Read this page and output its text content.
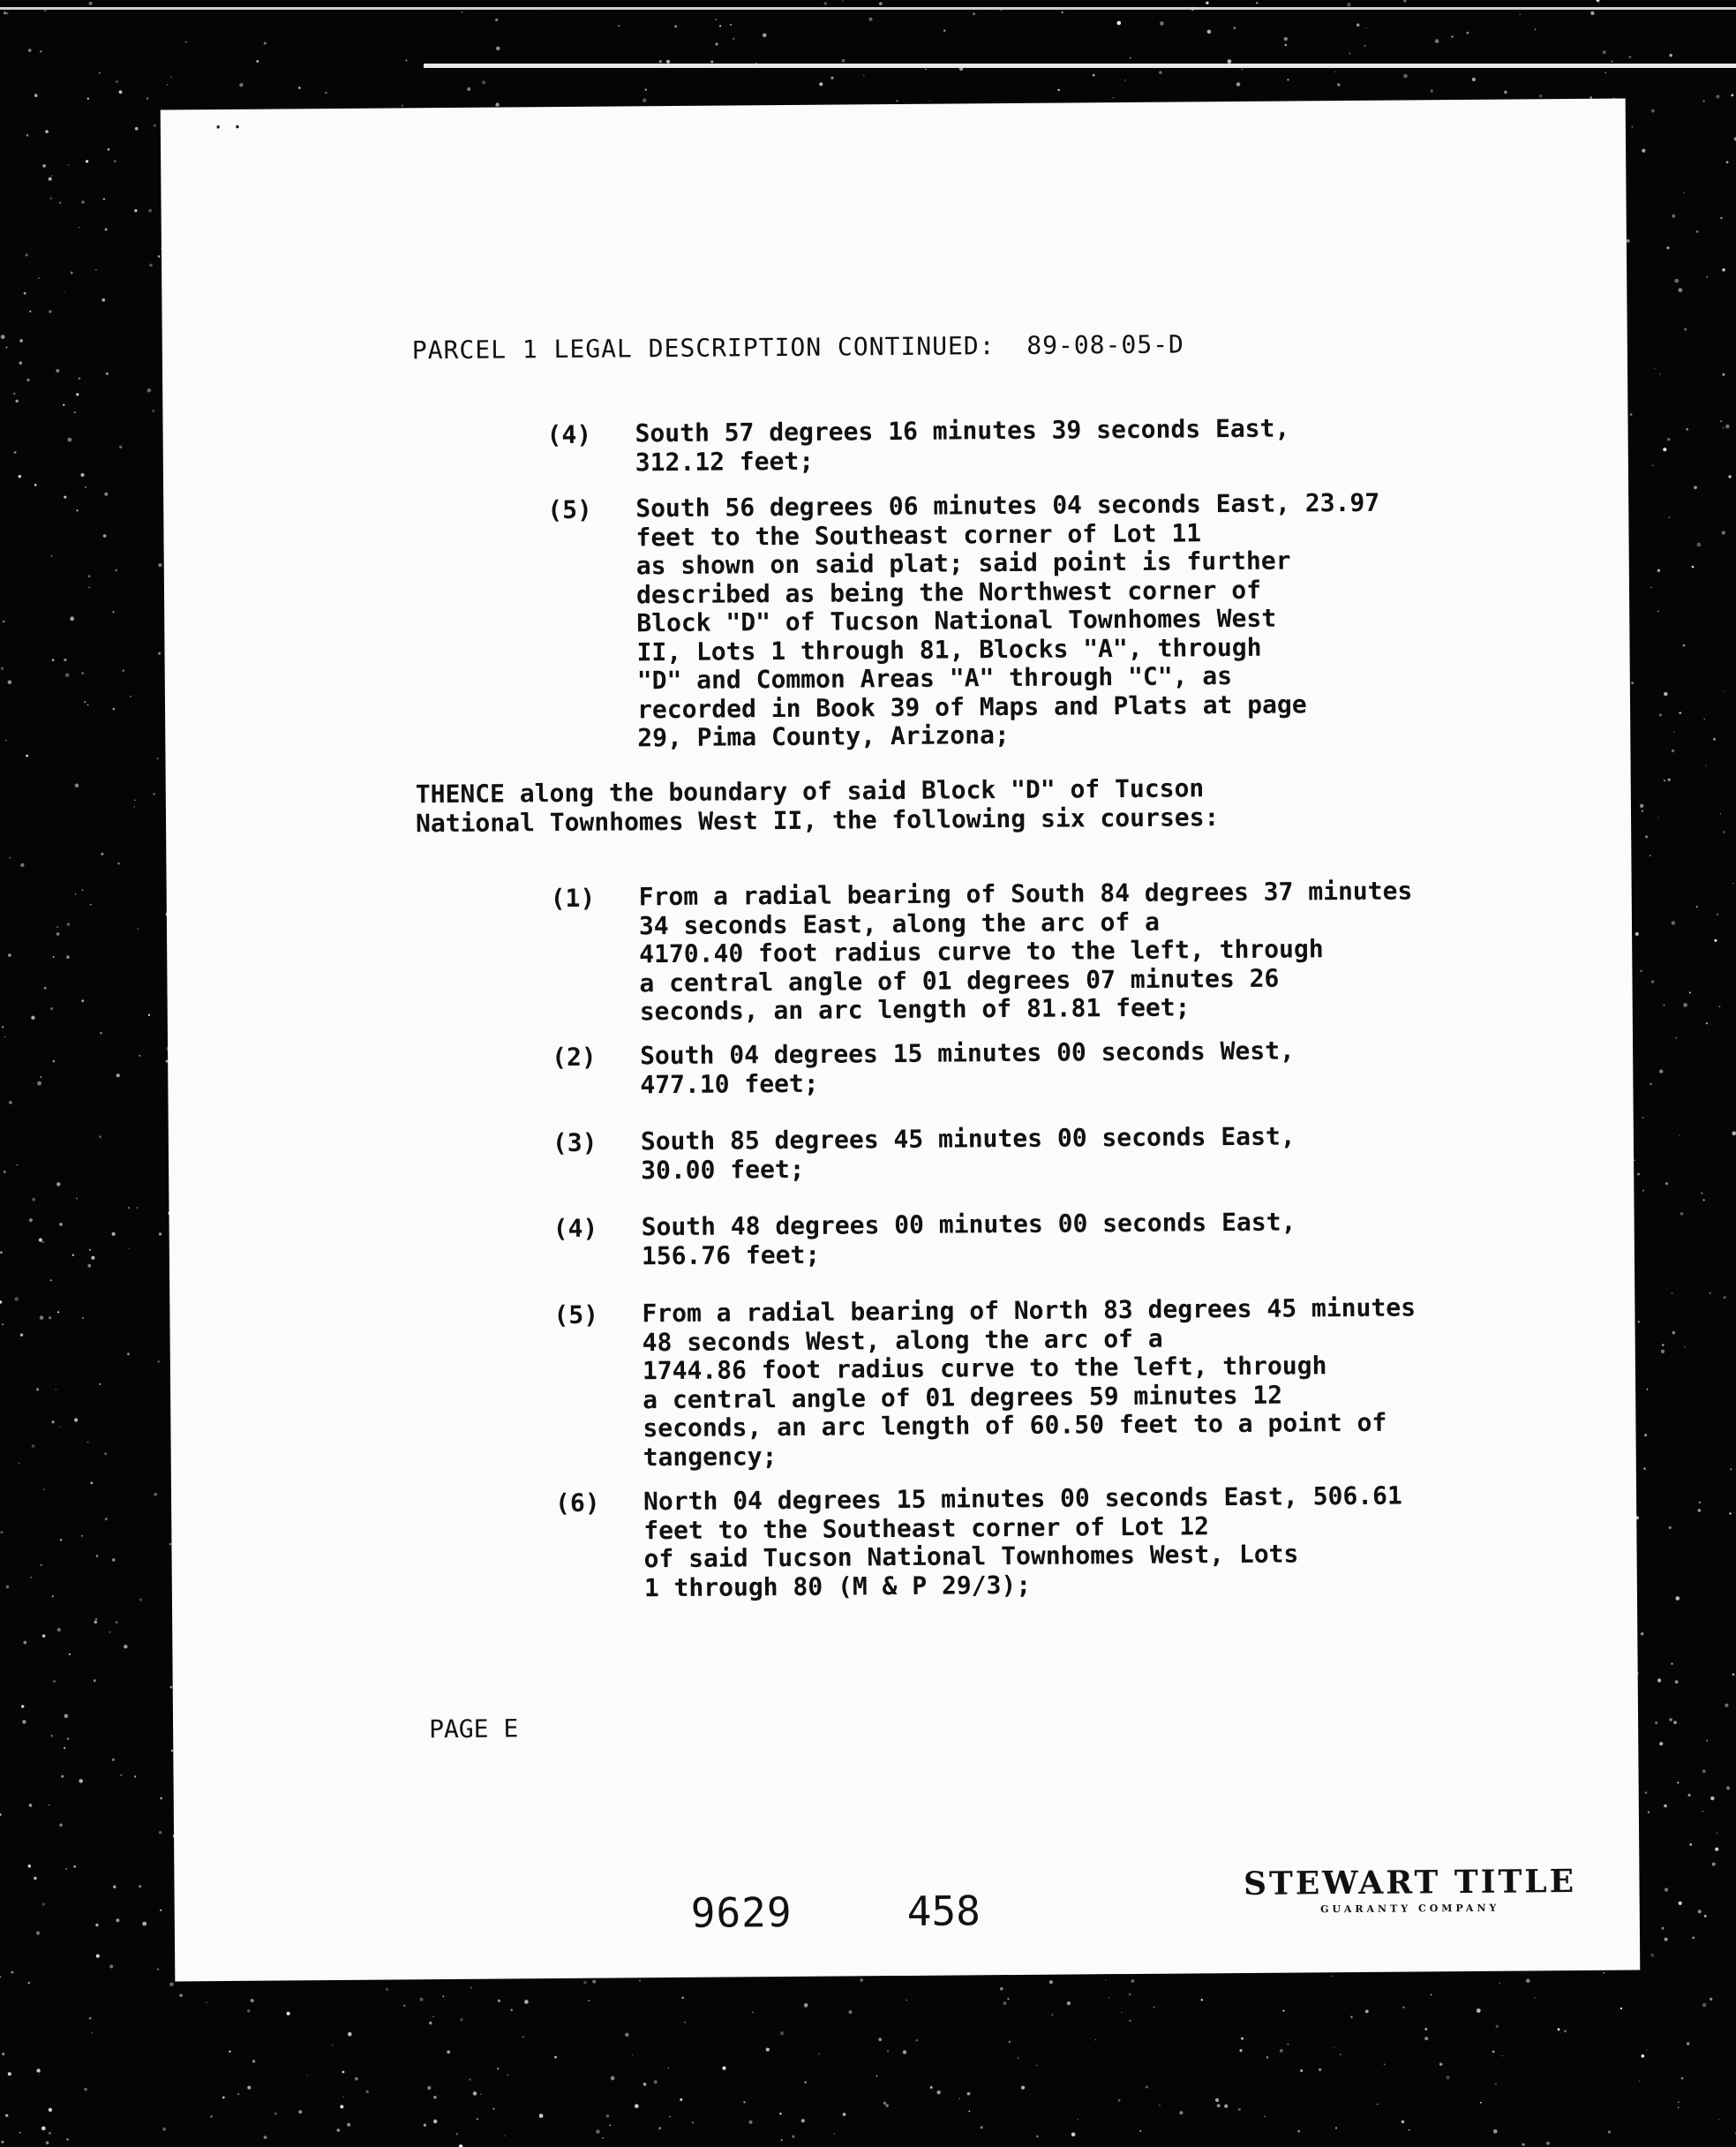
· ·
PARCEL 1 LEGAL DESCRIPTION CONTINUED:  89-08-05-D
(4)	South 57 degrees 16 minutes 39 seconds East,
312.12 feet;
(5)	South 56 degrees 06 minutes 04 seconds East, 23.97
feet to the Southeast corner of Lot 11
as shown on said plat; said point is further
described as being the Northwest corner of
Block "D" of Tucson National Townhomes West
II, Lots 1 through 81, Blocks "A", through
"D" and Common Areas "A" through "C", as
recorded in Book 39 of Maps and Plats at page
29, Pima County, Arizona;
THENCE along the boundary of said Block "D" of Tucson
National Townhomes West II, the following six courses:
(1)	From a radial bearing of South 84 degrees 37 minutes
34 seconds East, along the arc of a
4170.40 foot radius curve to the left, through
a central angle of 01 degrees 07 minutes 26
seconds, an arc length of 81.81 feet;
(2)	South 04 degrees 15 minutes 00 seconds West,
477.10 feet;
(3)	South 85 degrees 45 minutes 00 seconds East,
30.00 feet;
(4)	South 48 degrees 00 minutes 00 seconds East,
156.76 feet;
(5)	From a radial bearing of North 83 degrees 45 minutes
48 seconds West, along the arc of a
1744.86 foot radius curve to the left, through
a central angle of 01 degrees 59 minutes 12
seconds, an arc length of 60.50 feet to a point of
tangency;
(6)	North 04 degrees 15 minutes 00 seconds East, 506.61
feet to the Southeast corner of Lot 12
of said Tucson National Townhomes West, Lots
1 through 80 (M & P 29/3);
PAGE E
9629	458
STEWART TITLE
GUARANTY COMPANY
